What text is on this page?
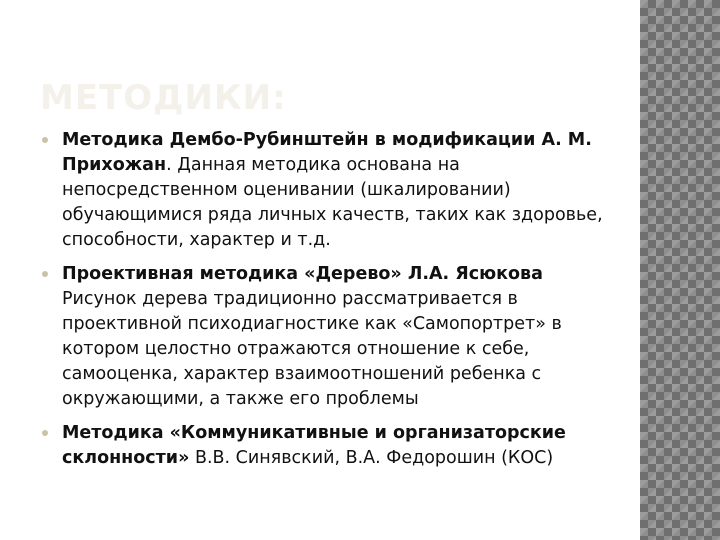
МЕТОДИКИ:
Методика Дембо-Рубинштейн в модификации А. М. Прихожан. Данная методика основана на непосредственном оценивании (шкалировании) обучающимися ряда личных качеств, таких как здоровье, способности, характер и т.д.
Проективная методика «Дерево» Л.А. Ясюкова Рисунок дерева традиционно рассматривается в проективной психодиагностике как «Самопортрет» в котором целостно отражаются отношение к себе, самооценка, характер взаимоотношений ребенка с окружающими, а также его проблемы
Методика «Коммуникативные и организаторские склонности» В.В. Синявский, В.А. Федорошин (КОС)
